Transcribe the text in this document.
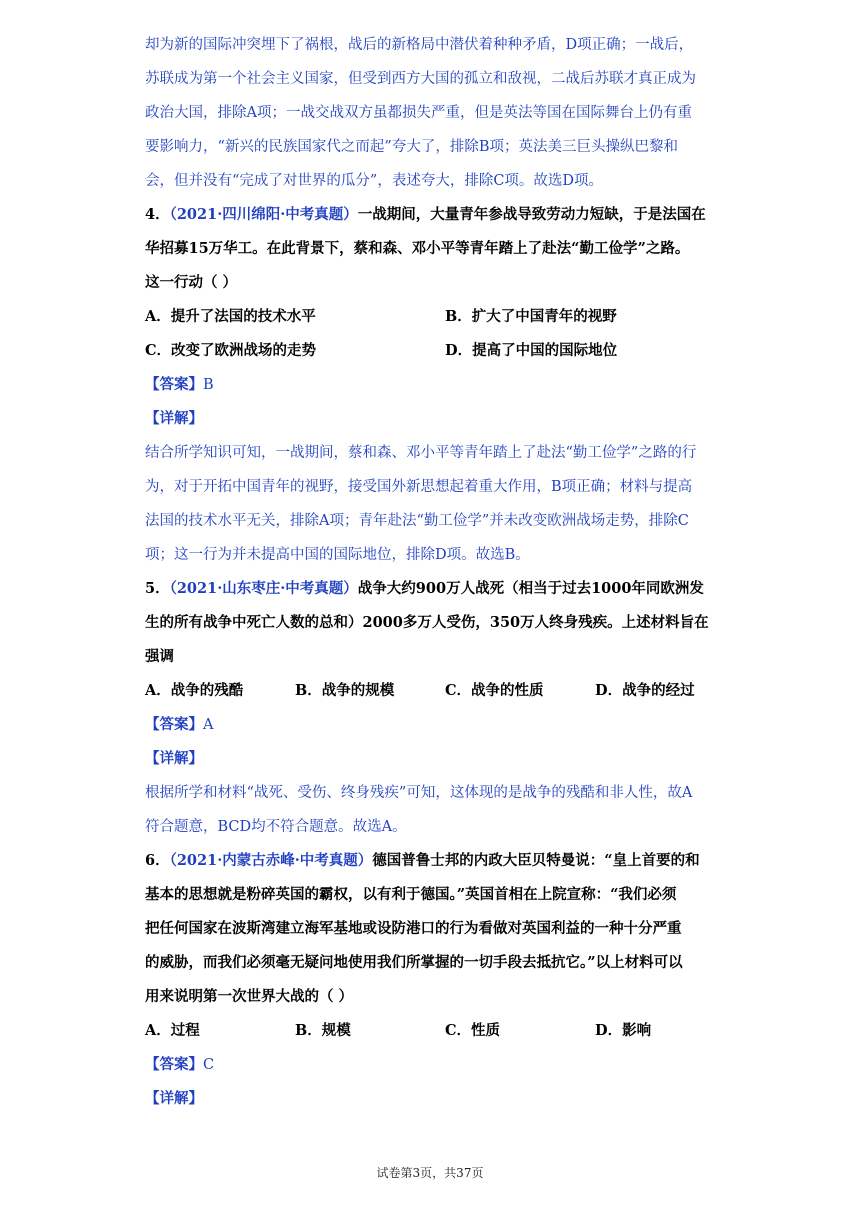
却为新的国际冲突埋下了祸根，战后的新格局中潜伏着种种矛盾，D项正确；一战后，
苏联成为第一个社会主义国家，但受到西方大国的孤立和敌视，二战后苏联才真正成为
政治大国，排除A项；一战交战双方虽都损失严重，但是英法等国在国际舞台上仍有重
要影响力，“新兴的民族国家代之而起”夸大了，排除B项；英法美三巨头操纵巴黎和
会，但并没有“完成了对世界的瓜分”，表述夸大，排除C项。故选D项。
4．（2021·四川绵阳·中考真题）一战期间，大量青年参战导致劳动力短缺，于是法国在
华招募15万华工。在此背景下，蔡和森、邓小平等青年踏上了赴法“勤工俭学”之路。
这一行动（ ）
A．提升了法国的技术水平	B．扩大了中国青年的视野
C．改变了欧洲战场的走势	D．提高了中国的国际地位
【答案】B
【详解】
结合所学知识可知，一战期间，蔡和森、邓小平等青年踏上了赴法“勤工俭学”之路的行
为，对于开拓中国青年的视野，接受国外新思想起着重大作用，B项正确；材料与提高
法国的技术水平无关，排除A项；青年赴法“勤工俭学”并未改变欧洲战场走势，排除C
项；这一行为并未提高中国的国际地位，排除D项。故选B。
5．（2021·山东枣庄·中考真题）战争大约900万人战死（相当于过去1000年同欧洲发
生的所有战争中死亡人数的总和）2000多万人受伤，350万人终身残疾。上述材料旨在
强调
A．战争的残酷	B．战争的规模	C．战争的性质	D．战争的经过
【答案】A
【详解】
根据所学和材料“战死、受伤、终身残疾”可知，这体现的是战争的残酷和非人性，故A
符合题意，BCD均不符合题意。故选A。
6．（2021·内蒙古赤峰·中考真题）德国普鲁士邦的内政大臣贝特曼说：“皇上首要的和
基本的思想就是粉碎英国的霸权，以有利于德国。”英国首相在上院宣称：“我们必须
把任何国家在波斯湾建立海军基地或设防港口的行为看做对英国利益的一种十分严重
的威胁，而我们必须毫无疑问地使用我们所掌握的一切手段去抵抗它。”以上材料可以
用来说明第一次世界大战的（ ）
A．过程	B．规模	C．性质	D．影响
【答案】C
【详解】
试卷第3页，共37页
